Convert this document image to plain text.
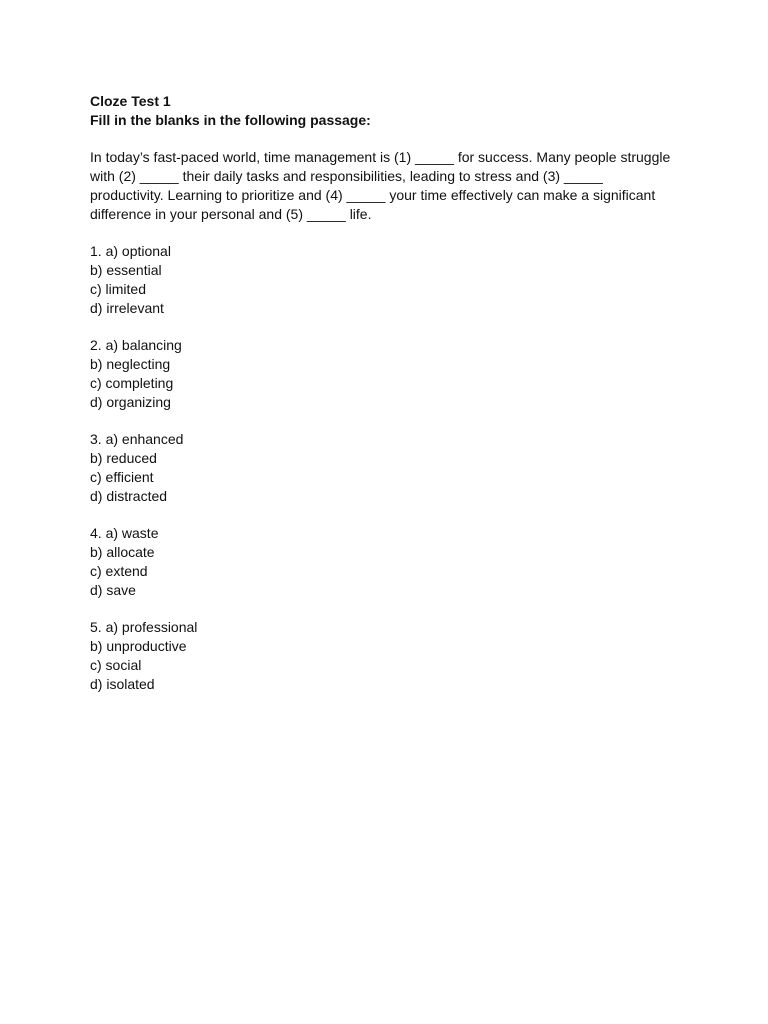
Cloze Test 1
Fill in the blanks in the following passage:
In today’s fast-paced world, time management is (1) _____ for success. Many people struggle with (2) _____ their daily tasks and responsibilities, leading to stress and (3) _____ productivity. Learning to prioritize and (4) _____ your time effectively can make a significant difference in your personal and (5) _____ life.
1. a) optional
b) essential
c) limited
d) irrelevant
2. a) balancing
b) neglecting
c) completing
d) organizing
3. a) enhanced
b) reduced
c) efficient
d) distracted
4. a) waste
b) allocate
c) extend
d) save
5. a) professional
b) unproductive
c) social
d) isolated
